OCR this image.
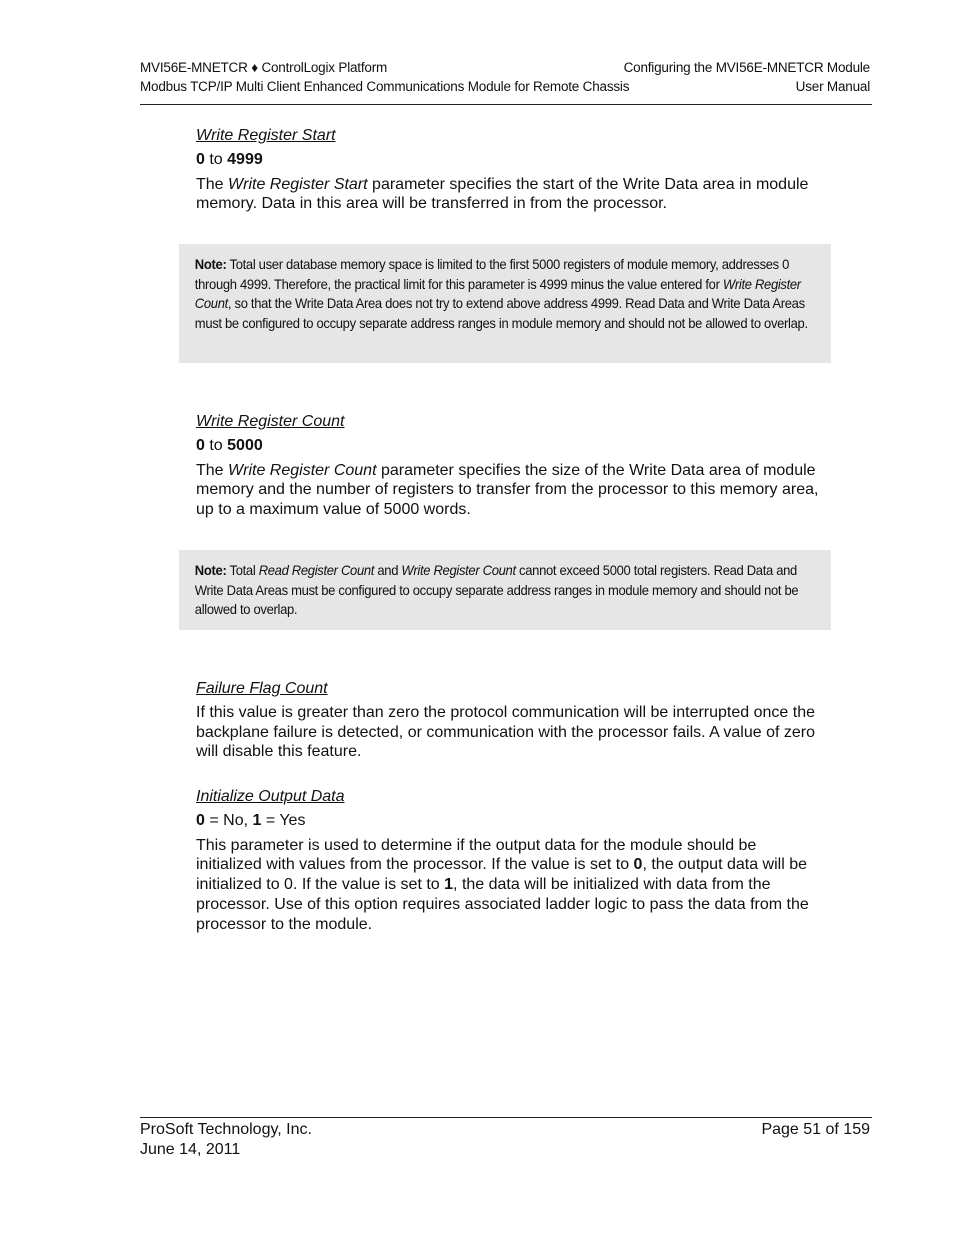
MVI56E-MNETCR ♦ ControlLogix Platform	Configuring the MVI56E-MNETCR Module
Modbus TCP/IP Multi Client Enhanced Communications Module for Remote Chassis	User Manual
Write Register Start
0 to 4999

The Write Register Start parameter specifies the start of the Write Data area in module memory. Data in this area will be transferred in from the processor.

Note: Total user database memory space is limited to the first 5000 registers of module memory, addresses 0 through 4999. Therefore, the practical limit for this parameter is 4999 minus the value entered for Write Register Count, so that the Write Data Area does not try to extend above address 4999. Read Data and Write Data Areas must be configured to occupy separate address ranges in module memory and should not be allowed to overlap.
Write Register Count
0 to 5000

The Write Register Count parameter specifies the size of the Write Data area of module memory and the number of registers to transfer from the processor to this memory area, up to a maximum value of 5000 words.

Note: Total Read Register Count and Write Register Count cannot exceed 5000 total registers. Read Data and Write Data Areas must be configured to occupy separate address ranges in module memory and should not be allowed to overlap.
Failure Flag Count

If this value is greater than zero the protocol communication will be interrupted once the backplane failure is detected, or communication with the processor fails. A value of zero will disable this feature.

Initialize Output Data
0 = No, 1 = Yes

This parameter is used to determine if the output data for the module should be initialized with values from the processor. If the value is set to 0, the output data will be initialized to 0. If the value is set to 1, the data will be initialized with data from the processor. Use of this option requires associated ladder logic to pass the data from the processor to the module.

ProSoft Technology, Inc.	Page 51 of 159
June 14, 2011
